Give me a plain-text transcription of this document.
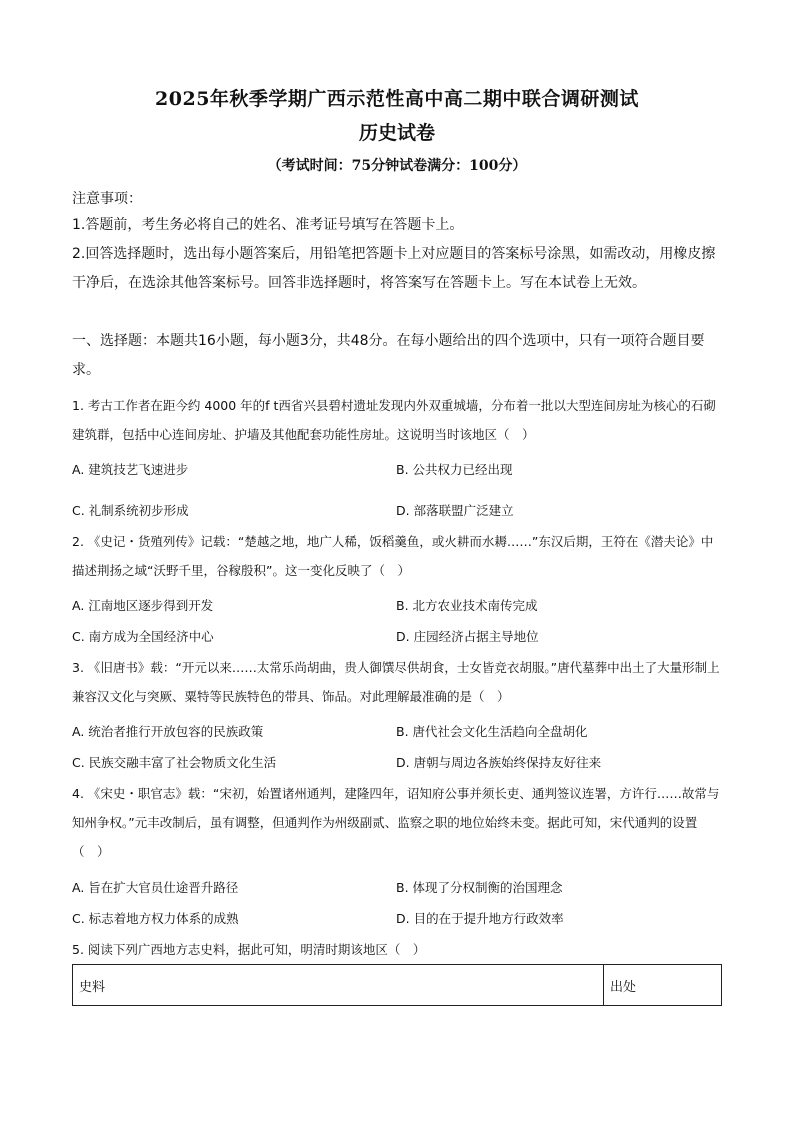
2025年秋季学期广西示范性高中高二期中联合调研测试
历史试卷
（考试时间：75分钟试卷满分：100分）
注意事项：
1.答题前，考生务必将自己的姓名、准考证号填写在答题卡上。
2.回答选择题时，选出每小题答案后，用铅笔把答题卡上对应题目的答案标号涂黑，如需改动，用橡皮擦干净后，在选涂其他答案标号。回答非选择题时，将答案写在答题卡上。写在本试卷上无效。
一、选择题：本题共16小题，每小题3分，共48分。在每小题给出的四个选项中，只有一项符合题目要求。
1. 考古工作者在距今约 4000 年的f t西省兴县碧村遗址发现内外双重城墙，分布着一批以大型连间房址为核心的石砌建筑群，包括中心连间房址、护墙及其他配套功能性房址。这说明当时该地区（　）
A. 建筑技艺飞速进步	B. 公共权力已经出现
C. 礼制系统初步形成	D. 部落联盟广泛建立
2. 《史记・货殖列传》记载：“楚越之地，地广人稀，饭稻羹鱼，或火耕而水耨……”东汉后期，王符在《潜夫论》中描述荆扬之域“沃野千里，谷稼殷积”。这一变化反映了（　）
A. 江南地区逐步得到开发	B. 北方农业技术南传完成
C. 南方成为全国经济中心	D. 庄园经济占据主导地位
3. 《旧唐书》载：“开元以来……太常乐尚胡曲，贵人御馔尽供胡食，士女皆竞衣胡服。”唐代墓葬中出土了大量形制上兼容汉文化与突厥、粟特等民族特色的带具、饰品。对此理解最准确的是（　）
A. 统治者推行开放包容的民族政策	B. 唐代社会文化生活趋向全盘胡化
C. 民族交融丰富了社会物质文化生活	D. 唐朝与周边各族始终保持友好往来
4. 《宋史・职官志》载：“宋初，始置诸州通判，建隆四年，诏知府公事并须长吏、通判签议连署，方许行……故常与知州争权。”元丰改制后，虽有调整，但通判作为州级副贰、监察之职的地位始终未变。据此可知，宋代通判的设置（　）
A. 旨在扩大官员仕途晋升路径	B. 体现了分权制衡的治国理念
C. 标志着地方权力体系的成熟	D. 目的在于提升地方行政效率
5. 阅读下列广西地方志史料，据此可知，明清时期该地区（　）
史料	出处
